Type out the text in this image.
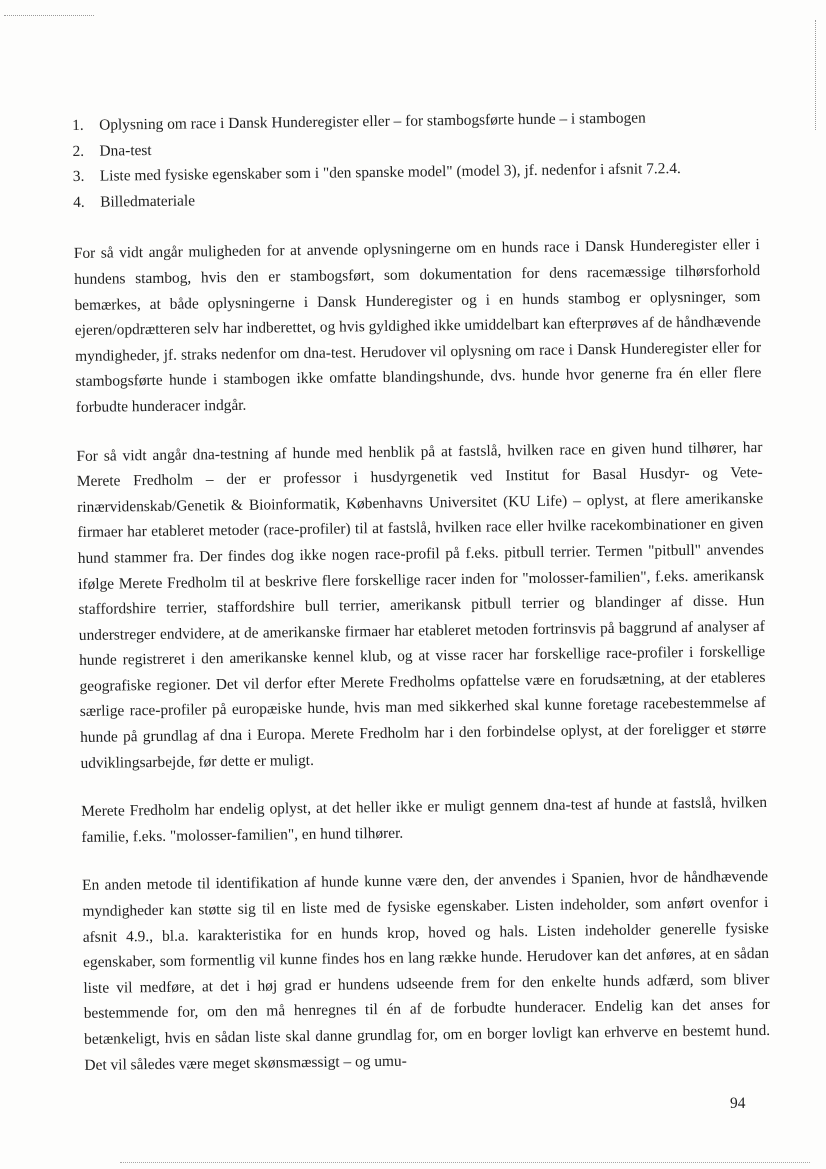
1. Oplysning om race i Dansk Hunderegister eller – for stambogsførte hunde – i stambogen
2. Dna-test
3. Liste med fysiske egenskaber som i "den spanske model" (model 3), jf. nedenfor i afsnit 7.2.4.
4. Billedmateriale

For så vidt angår muligheden for at anvende oplysningerne om en hunds race i Dansk Hunderegister eller i hundens stambog, hvis den er stambogsført, som dokumentation for dens racemæssige tilhørsforhold bemærkes, at både oplysningerne i Dansk Hunderegister og i en hunds stambog er oplysninger, som ejeren/opdrætteren selv har indberettet, og hvis gyldighed ikke umiddelbart kan efterprøves af de håndhævende myndigheder, jf. straks nedenfor om dna-test. Herudover vil oplysning om race i Dansk Hunderegister eller for stambogsførte hunde i stambogen ikke omfatte blandingshunde, dvs. hunde hvor generne fra én eller flere forbudte hunderacer indgår.

For så vidt angår dna-testning af hunde med henblik på at fastslå, hvilken race en given hund tilhører, har Merete Fredholm – der er professor i husdyrgenetik ved Institut for Basal Husdyr- og Veterinærvidenskab/Genetik & Bioinformatik, Københavns Universitet (KU Life) – oplyst, at flere amerikanske firmaer har etableret metoder (race-profiler) til at fastslå, hvilken race eller hvilke racekombinationer en given hund stammer fra. Der findes dog ikke nogen race-profil på f.eks. pitbull terrier. Termen "pitbull" anvendes ifølge Merete Fredholm til at beskrive flere forskellige racer inden for "molosser-familien", f.eks. amerikansk staffordshire terrier, staffordshire bull terrier, amerikansk pitbull terrier og blandinger af disse. Hun understreger endvidere, at de amerikanske firmaer har etableret metoden fortrinsvis på baggrund af analyser af hunde registreret i den amerikanske kennel klub, og at visse racer har forskellige race-profiler i forskellige geografiske regioner. Det vil derfor efter Merete Fredholms opfattelse være en forudsætning, at der etableres særlige race-profiler på europæiske hunde, hvis man med sikkerhed skal kunne foretage racebestemmelse af hunde på grundlag af dna i Europa. Merete Fredholm har i den forbindelse oplyst, at der foreligger et større udviklingsarbejde, før dette er muligt.

Merete Fredholm har endelig oplyst, at det heller ikke er muligt gennem dna-test af hunde at fastslå, hvilken familie, f.eks. "molosser-familien", en hund tilhører.

En anden metode til identifikation af hunde kunne være den, der anvendes i Spanien, hvor de håndhævende myndigheder kan støtte sig til en liste med de fysiske egenskaber. Listen indeholder, som anført ovenfor i afsnit 4.9., bl.a. karakteristika for en hunds krop, hoved og hals. Listen indeholder generelle fysiske egenskaber, som formentlig vil kunne findes hos en lang række hunde. Herudover kan det anføres, at en sådan liste vil medføre, at det i høj grad er hundens udseende frem for den enkelte hunds adfærd, som bliver bestemmende for, om den må henregnes til én af de forbudte hunderacer. Endelig kan det anses for betænkeligt, hvis en sådan liste skal danne grundlag for, om en borger lovligt kan erhverve en bestemt hund. Det vil således være meget skønsmæssigt – og umu-

94
